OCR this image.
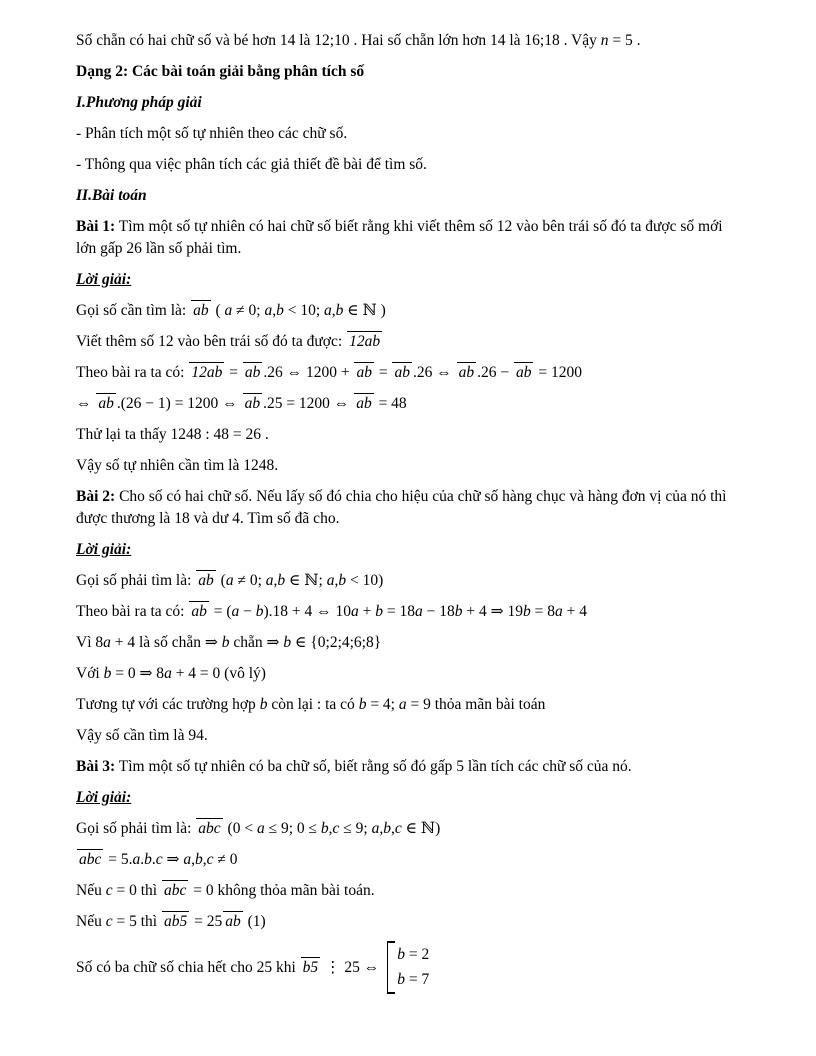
Số chẵn có hai chữ số và bé hơn 14 là 12;10 . Hai số chẵn lớn hơn 14 là 16;18 . Vậy n = 5 .

Dạng 2: Các bài toán giải bằng phân tích số

I.Phương pháp giải

- Phân tích một số tự nhiên theo các chữ số.

- Thông qua việc phân tích các giả thiết đề bài để tìm số.

II.Bài toán

Bài 1: Tìm một số tự nhiên có hai chữ số biết rằng khi viết thêm số 12 vào bên trái số đó ta được số mới lớn gấp 26 lần số phải tìm.

Lời giải:

Gọi số cần tìm là: ab ( a ≠ 0; a,b < 10; a,b ∈ ℕ )

Viết thêm số 12 vào bên trái số đó ta được: 12ab

Theo bài ra ta có: 12ab = ab .26 ⇔ 1200 + ab = ab .26 ⇔ ab .26 − ab = 1200

⇔ ab .(26 − 1) = 1200 ⇔ ab .25 = 1200 ⇔ ab = 48

Thử lại ta thấy 1248 : 48 = 26 .

Vậy số tự nhiên cần tìm là 1248.

Bài 2: Cho số có hai chữ số. Nếu lấy số đó chia cho hiệu của chữ số hàng chục và hàng đơn vị của nó thì được thương là 18 và dư 4. Tìm số đã cho.

Lời giải:

Gọi số phải tìm là: ab (a ≠ 0; a,b ∈ ℕ; a,b < 10)

Theo bài ra ta có: ab = (a − b).18 + 4 ⇔ 10a + b = 18a − 18b + 4 ⇒ 19b = 8a + 4

Vì 8a + 4 là số chẵn ⇒ b chẵn ⇒ b ∈ {0;2;4;6;8}

Với b = 0 ⇒ 8a + 4 = 0 (vô lý)

Tương tự với các trường hợp b còn lại : ta có b = 4; a = 9 thỏa mãn bài toán

Vậy số cần tìm là 94.

Bài 3: Tìm một số tự nhiên có ba chữ số, biết rằng số đó gấp 5 lần tích các chữ số của nó.

Lời giải:

Gọi số phải tìm là: abc (0 < a ≤ 9; 0 ≤ b,c ≤ 9; a,b,c ∈ ℕ)

abc = 5.a.b.c ⇒ a,b,c ≠ 0

Nếu c = 0 thì abc = 0 không thỏa mãn bài toán.

Nếu c = 5 thì ab5 = 25 ab (1)

Số có ba chữ số chia hết cho 25 khi b5 ⋮ 25 ⇔
b = 2
b = 7
